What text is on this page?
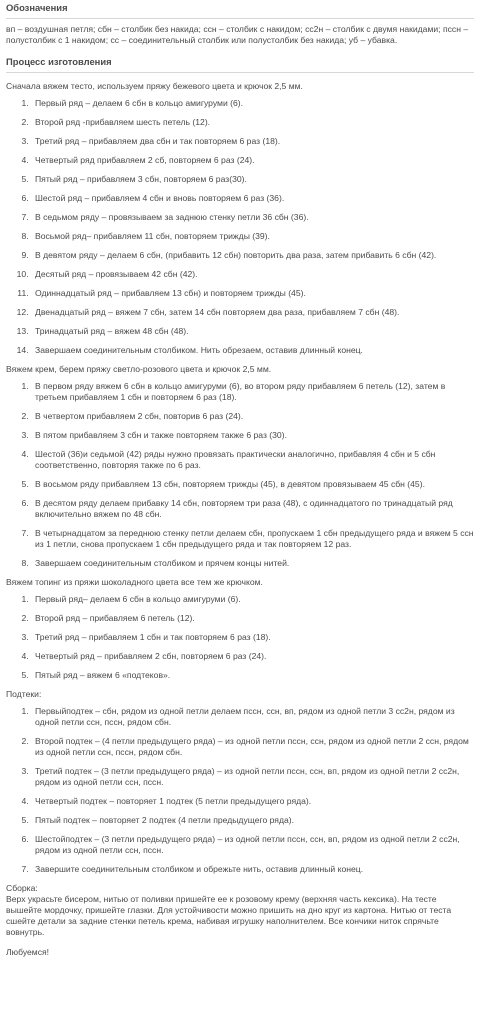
Обозначения

вп – воздушная петля; сбн – столбик без накида; ссн – столбик с накидом; сс2н – столбик с двумя накидами; пссн – полустолбик с 1 накидом; сс – соединительный столбик или полустолбик без накида; уб – убавка.

Процесс изготовления

Сначала вяжем тесто, используем пряжу бежевого цвета и крючок 2,5 мм.

1. Первый ряд – делаем 6 сбн в кольцо амигуруми (6).
2. Второй ряд -прибавляем шесть петель (12).
3. Третий ряд – прибавляем два сбн и так повторяем 6 раз (18).
4. Четвертый ряд прибавляем 2 сб, повторяем 6 раз (24).
5. Пятый ряд – прибавляем 3 сбн, повторяем 6 раз(30).
6. Шестой ряд – прибавляем 4 сбн и вновь повторяем 6 раз (36).
7. В седьмом ряду – провязываем за заднюю стенку петли 36 сбн (36).
8. Восьмой ряд– прибавляем 11 сбн, повторяем трижды (39).
9. В девятом ряду – делаем 6 сбн, (прибавить 12 сбн) повторить два раза, затем прибавить 6 сбн (42).
10. Десятый ряд – провязываем 42 сбн (42).
11. Одиннадцатый ряд – прибавляем 13 сбн) и повторяем трижды (45).
12. Двенадцатый ряд – вяжем 7 сбн, затем 14 сбн повторяем два раза, прибавляем 7 сбн (48).
13. Тринадцатый ряд – вяжем 48 сбн (48).
14. Завершаем соединительным столбиком. Нить обрезаем, оставив длинный конец.

Вяжем крем, берем пряжу светло-розового цвета и крючок 2,5 мм.

1. В первом ряду вяжем 6 сбн в кольцо амигуруми (6), во втором ряду прибавляем 6 петель (12), затем в третьем прибавляем 1 сбн и повторяем 6 раз (18).
2. В четвертом прибавляем 2 сбн, повторив 6 раз (24).
3. В пятом прибавляем 3 сбн и также повторяем также 6 раз (30).
4. Шестой (36)и седьмой (42) ряды нужно провязать практически аналогично, прибавляя 4 сбн и 5 сбн соответственно, повторяя также по 6 раз.
5. В восьмом ряду прибавляем 13 сбн, повторяем трижды (45), в девятом провязываем 45 сбн (45).
6. В десятом ряду делаем прибавку 14 сбн, повторяем три раза (48), с одиннадцатого по тринадцатый ряд включительно вяжем по 48 сбн.
7. В четырнадцатом за переднюю стенку петли делаем сбн, пропускаем 1 сбн предыдущего ряда и вяжем 5 ссн из 1 петли, снова пропускаем 1 сбн предыдущего ряда и так повторяем 12 раз.
8. Завершаем соединительным столбиком и прячем концы нитей.

Вяжем топинг из пряжи шоколадного цвета все тем же крючком.

1. Первый ряд– делаем 6 сбн в кольцо амигуруми (6).
2. Второй ряд – прибавляем 6 петель (12).
3. Третий ряд – прибавляем 1 сбн и так повторяем 6 раз (18).
4. Четвертый ряд – прибавляем 2 сбн, повторяем 6 раз (24).
5. Пятый ряд – вяжем 6 «подтеков».

Подтеки:

1. Первыйподтек – сбн, рядом из одной петли делаем пссн, ссн, вп, рядом из одной петли 3 сс2н, рядом из одной петли ссн, пссн, рядом сбн.
2. Второй подтек – (4 петли предыдущего ряда) – из одной петли пссн, ссн, рядом из одной петли 2 ссн, рядом из одной петли ссн, пссн, рядом сбн.
3. Третий подтек – (3 петли предыдущего ряда) – из одной петли пссн, ссн, вп, рядом из одной петли 2 сс2н, рядом из одной петли ссн, пссн.
4. Четвертый подтек – повторяет 1 подтек (5 петли предыдущего ряда).
5. Пятый подтек – повторяет 2 подтек (4 петли предыдущего ряда).
6. Шестойподтек – (3 петли предыдущего ряда) – из одной петли пссн, ссн, вп, рядом из одной петли 2 сс2н, рядом из одной петли ссн, пссн.
7. Завершите соединительным столбиком и обрежьте нить, оставив длинный конец.

Сборка:

Верх украсьте бисером, нитью от поливки пришейте ее к розовому крему (верхняя часть кексика). На тесте вышейте мордочку, пришейте глазки. Для устойчивости можно пришить на дно круг из картона. Нитью от теста сшейте детали за задние стенки петель крема, набивая игрушку наполнителем. Все кончики ниток спрячьте вовнутрь.

Любуемся!
